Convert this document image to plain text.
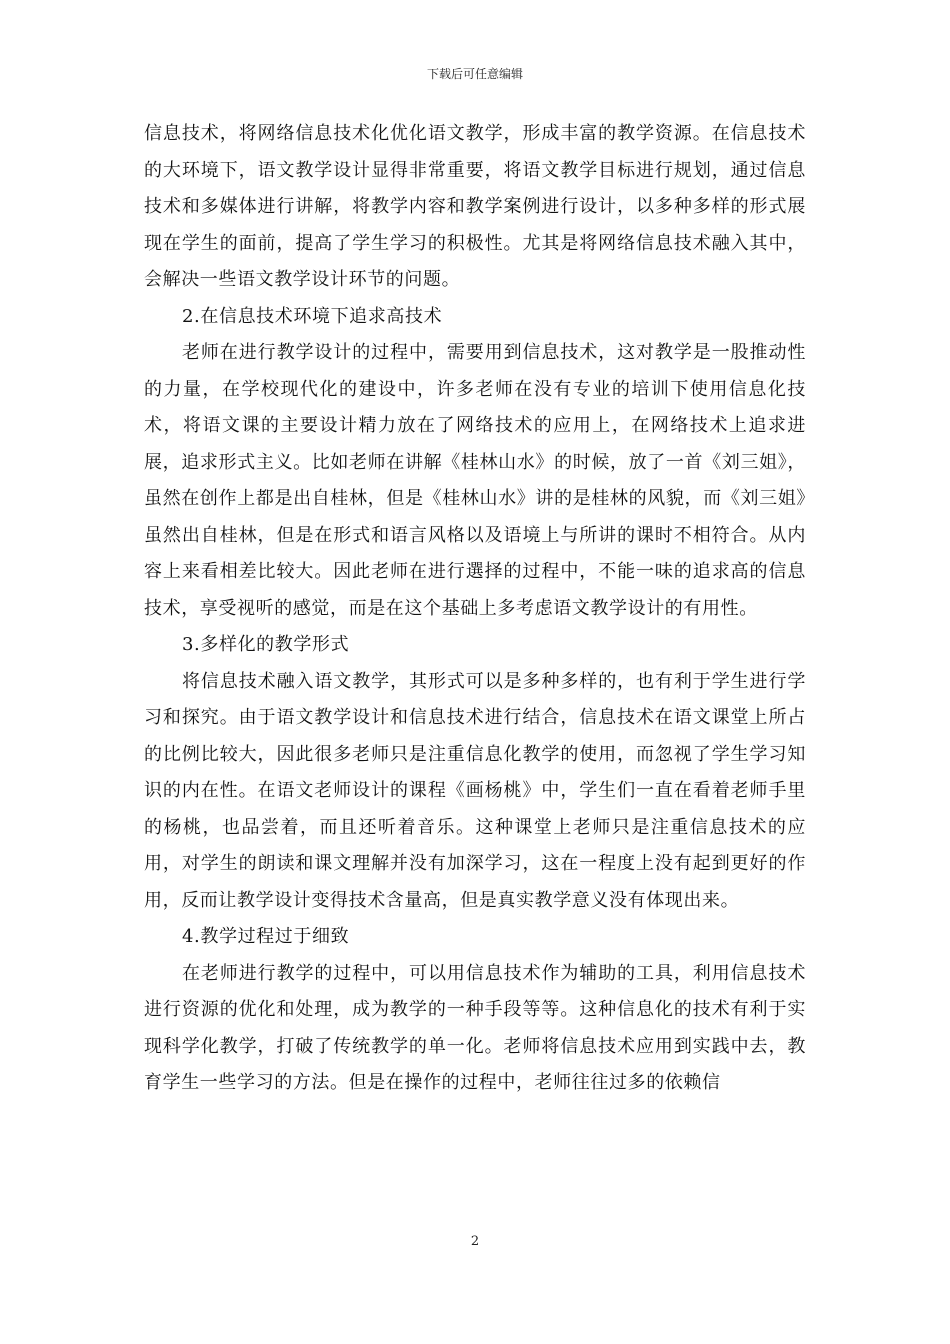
下载后可任意编辑

信息技术，将网络信息技术化优化语文教学，形成丰富的教学资源。在信息技术的大环境下，语文教学设计显得非常重要，将语文教学目标进行规划，通过信息技术和多媒体进行讲解，将教学内容和教学案例进行设计，以多种多样的形式展现在学生的面前，提高了学生学习的积极性。尤其是将网络信息技术融入其中，会解决一些语文教学设计环节的问题。

2.在信息技术环境下追求高技术

老师在进行教学设计的过程中，需要用到信息技术，这对教学是一股推动性的力量，在学校现代化的建设中，许多老师在没有专业的培训下使用信息化技术，将语文课的主要设计精力放在了网络技术的应用上，在网络技术上追求进展，追求形式主义。比如老师在讲解《桂林山水》的时候，放了一首《刘三姐》，虽然在创作上都是出自桂林，但是《桂林山水》讲的是桂林的风貌，而《刘三姐》虽然出自桂林，但是在形式和语言风格以及语境上与所讲的课时不相符合。从内容上来看相差比较大。因此老师在进行選择的过程中，不能一味的追求高的信息技术，享受视听的感觉，而是在这个基础上多考虑语文教学设计的有用性。

3.多样化的教学形式

将信息技术融入语文教学，其形式可以是多种多样的，也有利于学生进行学习和探究。由于语文教学设计和信息技术进行结合，信息技术在语文课堂上所占的比例比较大，因此很多老师只是注重信息化教学的使用，而忽视了学生学习知识的内在性。在语文老师设计的课程《画杨桃》中，学生们一直在看着老师手里的杨桃，也品尝着，而且还听着音乐。这种课堂上老师只是注重信息技术的应用，对学生的朗读和课文理解并没有加深学习，这在一程度上没有起到更好的作用，反而让教学设计变得技术含量高，但是真实教学意义没有体现出来。

4.教学过程过于细致

在老师进行教学的过程中，可以用信息技术作为辅助的工具，利用信息技术进行资源的优化和处理，成为教学的一种手段等等。这种信息化的技术有利于实现科学化教学，打破了传统教学的单一化。老师将信息技术应用到实践中去，教育学生一些学习的方法。但是在操作的过程中，老师往往过多的依赖信

2
